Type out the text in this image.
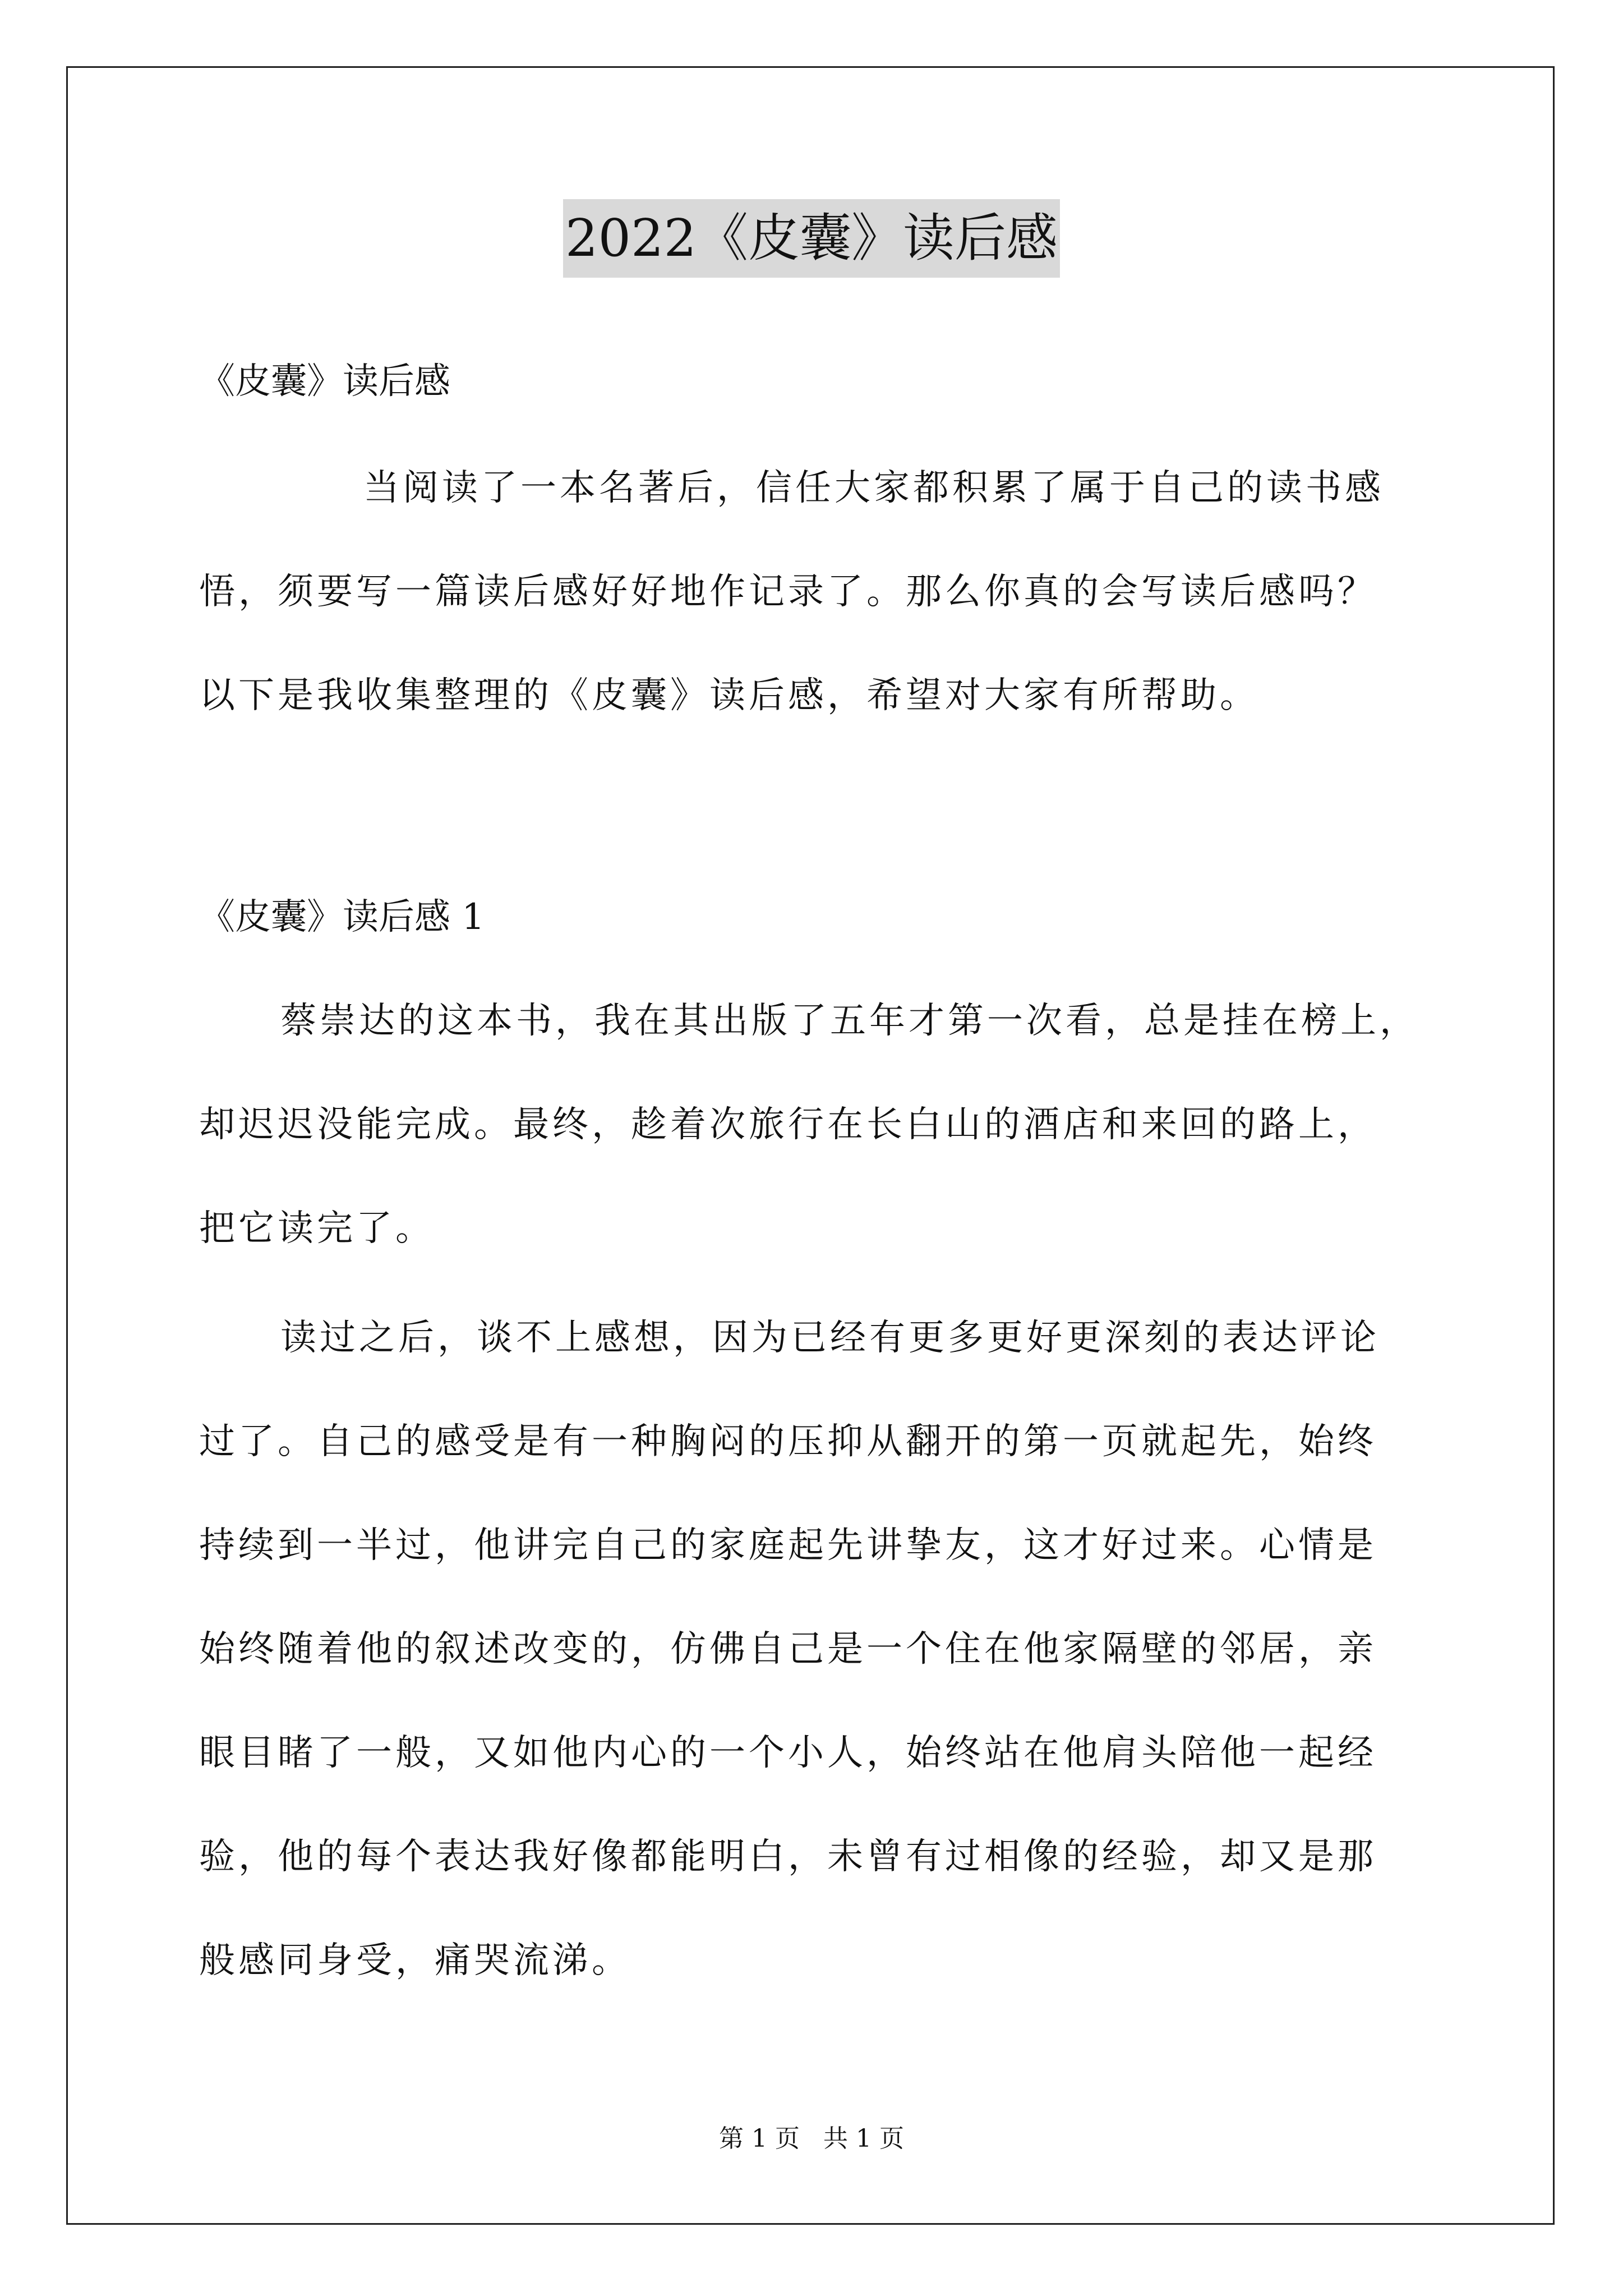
2022《皮囊》读后感
《皮囊》读后感
当阅读了一本名著后，信任大家都积累了属于自己的读书感
悟，须要写一篇读后感好好地作记录了。那么你真的会写读后感吗？
以下是我收集整理的《皮囊》读后感，希望对大家有所帮助。
《皮囊》读后感 1
蔡崇达的这本书，我在其出版了五年才第一次看，总是挂在榜上，
却迟迟没能完成。最终，趁着次旅行在长白山的酒店和来回的路上，
把它读完了。
读过之后，谈不上感想，因为已经有更多更好更深刻的表达评论
过了。自己的感受是有一种胸闷的压抑从翻开的第一页就起先，始终
持续到一半过，他讲完自己的家庭起先讲挚友，这才好过来。心情是
始终随着他的叙述改变的，仿佛自己是一个住在他家隔壁的邻居，亲
眼目睹了一般，又如他内心的一个小人，始终站在他肩头陪他一起经
验，他的每个表达我好像都能明白，未曾有过相像的经验，却又是那
般感同身受，痛哭流涕。
第 1 页   共 1 页
